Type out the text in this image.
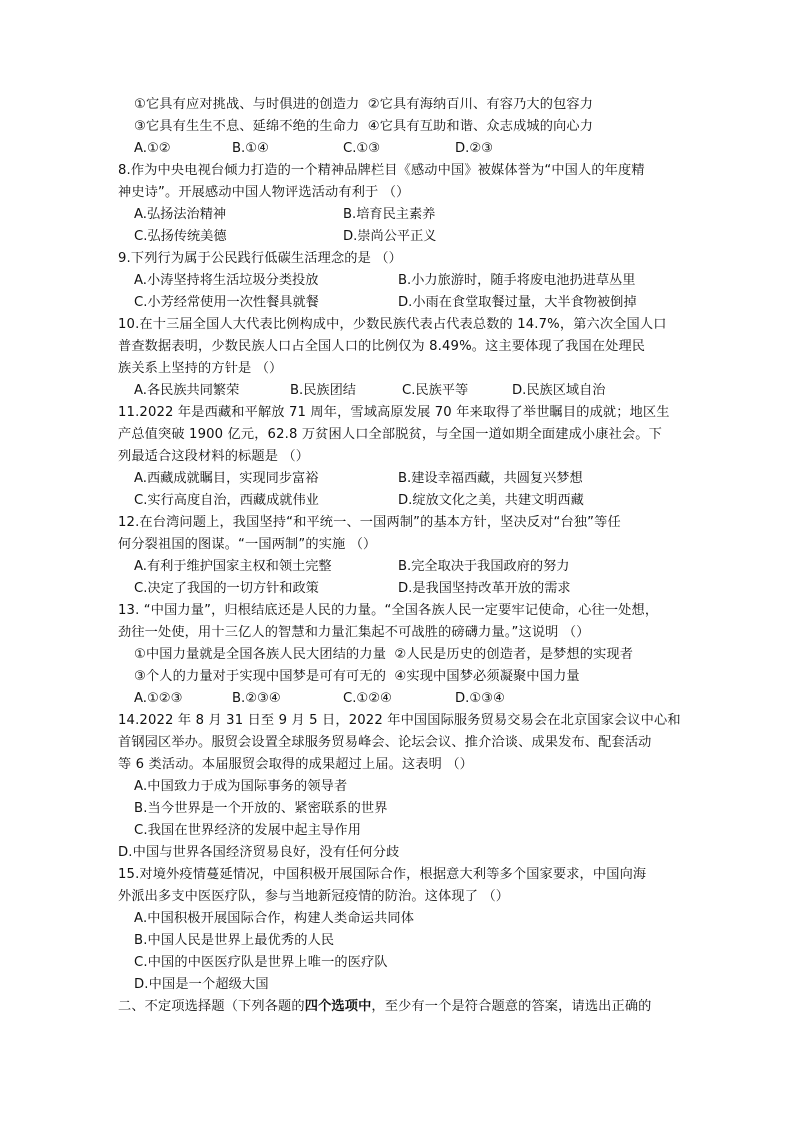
①它具有应对挑战、与时俱进的创造力 ②它具有海纳百川、有容乃大的包容力
③它具有生生不息、延绵不绝的生命力 ④它具有互助和谐、众志成城的向心力
A.①②	B.①④	C.①③	D.②③
8.作为中央电视台倾力打造的一个精神品牌栏目《感动中国》被媒体誉为“中国人的年度精
神史诗”。开展感动中国人物评选活动有利于 （）
A.弘扬法治精神	B.培育民主素养
C.弘扬传统美德	D.崇尚公平正义
9.下列行为属于公民践行低碳生活理念的是 （）
A.小涛坚持将生活垃圾分类投放	B.小力旅游时，随手将废电池扔进草丛里
C.小芳经常使用一次性餐具就餐	D.小雨在食堂取餐过量，大半食物被倒掉
10.在十三届全国人大代表比例构成中，少数民族代表占代表总数的 14.7%，第六次全国人口
普查数据表明，少数民族人口占全国人口的比例仅为 8.49%。这主要体现了我国在处理民
族关系上坚持的方针是 （）
A.各民族共同繁荣	B.民族团结	C.民族平等	D.民族区域自治
11.2022 年是西藏和平解放 71 周年，雪域高原发展 70 年来取得了举世瞩目的成就；地区生
产总值突破 1900 亿元，62.8 万贫困人口全部脱贫，与全国一道如期全面建成小康社会。下
列最适合这段材料的标题是 （）
A.西藏成就瞩目，实现同步富裕	B.建设幸福西藏，共圆复兴梦想
C.实行高度自治，西藏成就伟业	D.绽放文化之美，共建文明西藏
12.在台湾问题上，我国坚持“和平统一、一国两制”的基本方针，坚决反对“台独”等任
何分裂祖国的图谋。“一国两制”的实施 （）
A.有利于维护国家主权和领土完整	B.完全取决于我国政府的努力
C.决定了我国的一切方针和政策	D.是我国坚持改革开放的需求
13. “中国力量”，归根结底还是人民的力量。“全国各族人民一定要牢记使命，心往一处想，
劲往一处使，用十三亿人的智慧和力量汇集起不可战胜的磅礴力量。”这说明 （）
①中国力量就是全国各族人民大团结的力量 ②人民是历史的创造者，是梦想的实现者
③个人的力量对于实现中国梦是可有可无的 ④实现中国梦必须凝聚中国力量
A.①②③	B.②③④	C.①②④	D.①③④
14.2022 年 8 月 31 日至 9 月 5 日，2022 年中国国际服务贸易交易会在北京国家会议中心和
首钢园区举办。服贸会设置全球服务贸易峰会、论坛会议、推介洽谈、成果发布、配套活动
等 6 类活动。本届服贸会取得的成果超过上届。这表明 （）
A.中国致力于成为国际事务的领导者
B.当今世界是一个开放的、紧密联系的世界
C.我国在世界经济的发展中起主导作用
D.中国与世界各国经济贸易良好，没有任何分歧
15.对境外疫情蔓延情况，中国积极开展国际合作，根据意大利等多个国家要求，中国向海
外派出多支中医医疗队，参与当地新冠疫情的防治。这体现了 （）
A.中国积极开展国际合作，构建人类命运共同体
B.中国人民是世界上最优秀的人民
C.中国的中医医疗队是世界上唯一的医疗队
D.中国是一个超级大国
二、不定项选择题（下列各题的四个选项中，至少有一个是符合题意的答案，请选出正确的
